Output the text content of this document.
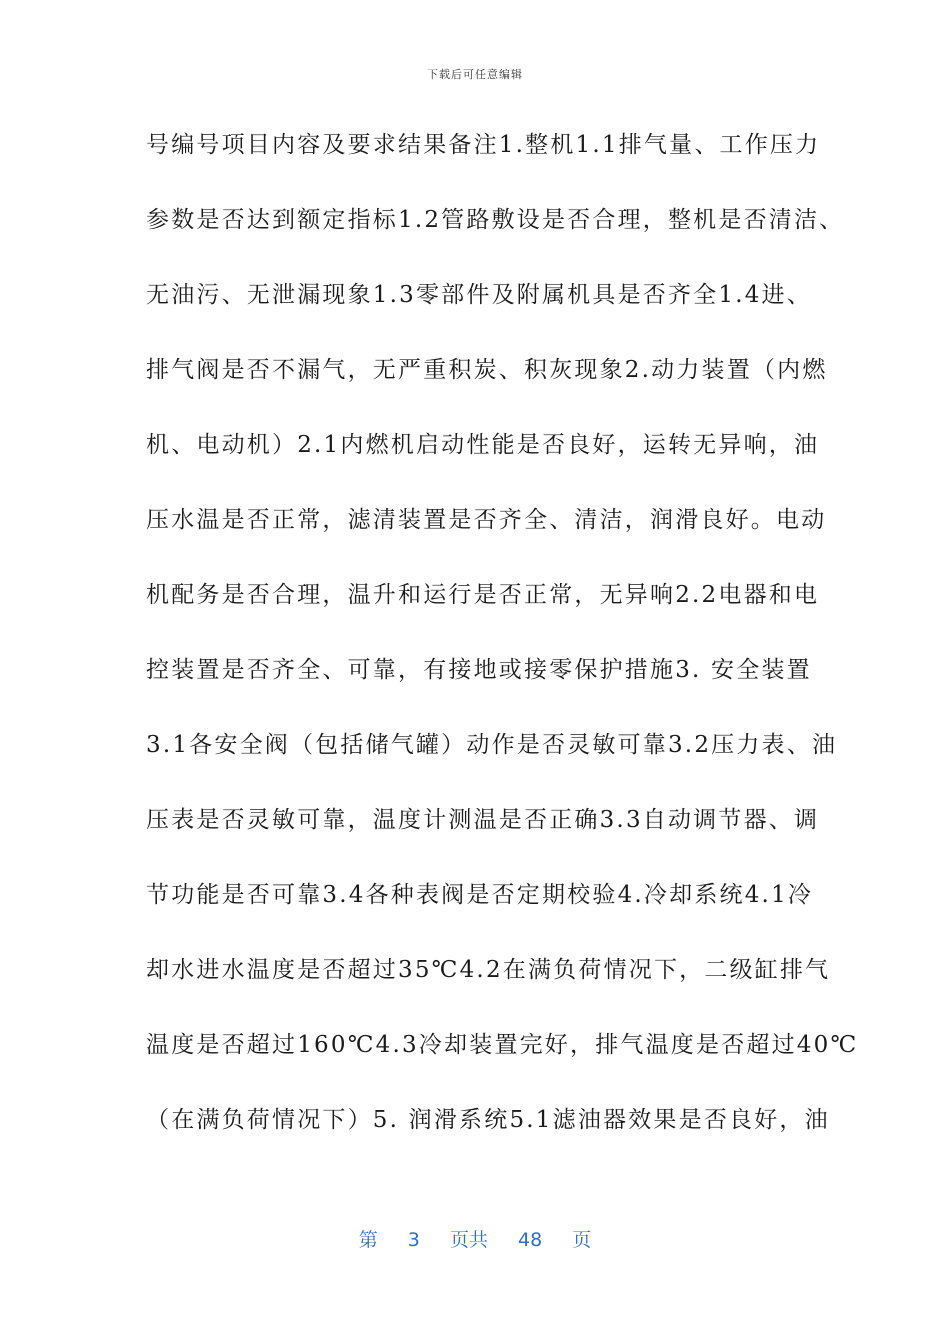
下载后可任意编辑
号编号项目内容及要求结果备注1.整机1.1排气量、工作压力
参数是否达到额定指标1.2管路敷设是否合理，整机是否清洁、
无油污、无泄漏现象1.3零部件及附属机具是否齐全1.4进、
排气阀是否不漏气，无严重积炭、积灰现象2.动力装置（内燃
机、电动机）2.1内燃机启动性能是否良好，运转无异响，油
压水温是否正常，滤清装置是否齐全、清洁，润滑良好。电动
机配务是否合理，温升和运行是否正常，无异响2.2电器和电
控装置是否齐全、可靠，有接地或接零保护措施3. 安全装置
3.1各安全阀（包括储气罐）动作是否灵敏可靠3.2压力表、油
压表是否灵敏可靠，温度计测温是否正确3.3自动调节器、调
节功能是否可靠3.4各种表阀是否定期校验4.冷却系统4.1冷
却水进水温度是否超过35℃4.2在满负荷情况下，二级缸排气
温度是否超过160℃4.3冷却装置完好，排气温度是否超过40℃
（在满负荷情况下）5. 润滑系统5.1滤油器效果是否良好，油
第 3 页共 48 页
